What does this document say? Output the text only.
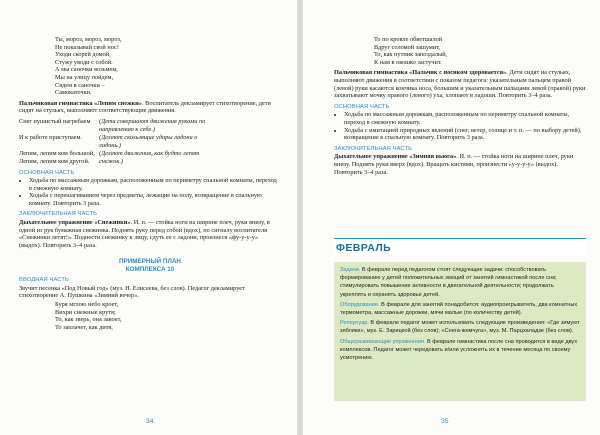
Ты, мороз, мороз, мороз,
Не показывай свой нос!
Уходи скорей домой,
Стужу уводи с собой.
А мы саночки возьмем,
Мы на улицу пойдем,
Сядем в саночки –
Самокаточки.

Пальчиковая гимнастика «Лепим снежки». Воспитатель декламирует стихотворение, дети сидят на стульях, выполняют соответствующие движения.

Снег пушистый нагребаем	(Дети совершают движения руками по направлению к себе.)
И к работе приступаем.	(Делают скользящие удары ладони о ладонь.)
Лепим, лепим ком большой, Лепим, лепим ком другой.
(Делают движения, как будто лепят снежок.)
ОСНОВНАЯ ЧАСТЬ
• Ходьба по массажным дорожкам, расположенным по периметру спальной комнаты, переход в смежную комнату.
• Ходьба с перешагиванием через предметы, лежащие на полу, возвращение в спальную комнату. Повторить 3 раза.
ЗАКЛЮЧИТЕЛЬНАЯ ЧАСТЬ

Дыхательное упражнение «Снежинки». И. п. — стойка ноги на ширине плеч, руки внизу, в одной из рук бумажная снежинка. Поднять руку перед собой (вдох), по сигналу воспитателя «Снежинки летят!». Поднести снежинку к лицу, сдуть ее с ладони, произнеся «фу-у-у-у» (выдох). Повторить 3–4 раза.

ПРИМЕРНЫЙ ПЛАН
КОМПЛЕКСА 10
ВВОДНАЯ ЧАСТЬ

Звучит песенка «Под Новый год» (муз. Н. Елисеева, без слов). Педагог декламирует стихотворение А. Пушкина «Зимний вечер».

Буря мглою небо кроет,
Вихри снежные крутя;
То, как зверь, она завоет,
То заплачет, как дитя,
34
То по кровле обветшалой
Вдруг соломой зашумит,
То, как путник запоздалый,
К нам в окошко застучит.

Пальчиковая гимнастика «Пальчик с носиком здоровается». Дети сидят на стульях, выполняют движения в соответствии с показом педагога: указательным пальцем правой (левой) руки касаются кончика носа, большим и указательным пальцами левой (правой) руки захватывают мочку правого (левого) уха, хлопают в ладоши. Повторить 3–4 раза.

ОСНОВНАЯ ЧАСТЬ
• Ходьба по массажным дорожкам, расположенным по периметру спальной комнаты, переход в смежную комнату.
• Ходьба с имитацией природных явлений (снег, ветер, солнце и т. п. — по выбору детей), возвращение в спальную комнату. Повторить 3 раза.
ЗАКЛЮЧИТЕЛЬНАЯ ЧАСТЬ

Дыхательное упражнение «Зимняя вьюга». И. п. — стойка ноги на ширине плеч, руки внизу. Поднять руки вверх (вдох). Вращать кистями, произнести «у-у-у-у» (выдох). Повторить 3–4 раза.

ФЕВРАЛЬ

Задачи. В феврале перед педагогом стоят следующие задачи: способствовать формированию у детей положительных эмоций от занятий гимнастикой после сна; стимулировать повышение активности в двигательной деятельности; продолжать укреплять и охранять здоровье детей.

Оборудование. В феврале для занятий понадобится: аудиопроигрыватель, два комнатных термометра, массажные дорожки, мячи малые (по количеству детей).

Репертуар. В феврале педагог может использовать следующие произведения: «Где зимуют зяблики», муз. Е. Зарицкой (без слов); «Снега-жемчуга», муз. М. Парцхаладзе (без слов).

Общеразвивающие упражнения. В феврале гимнастика после сна проводится в виде двух комплексов. Педагог может чередовать и/или усложнять их в течение месяца по своему усмотрению.

35
